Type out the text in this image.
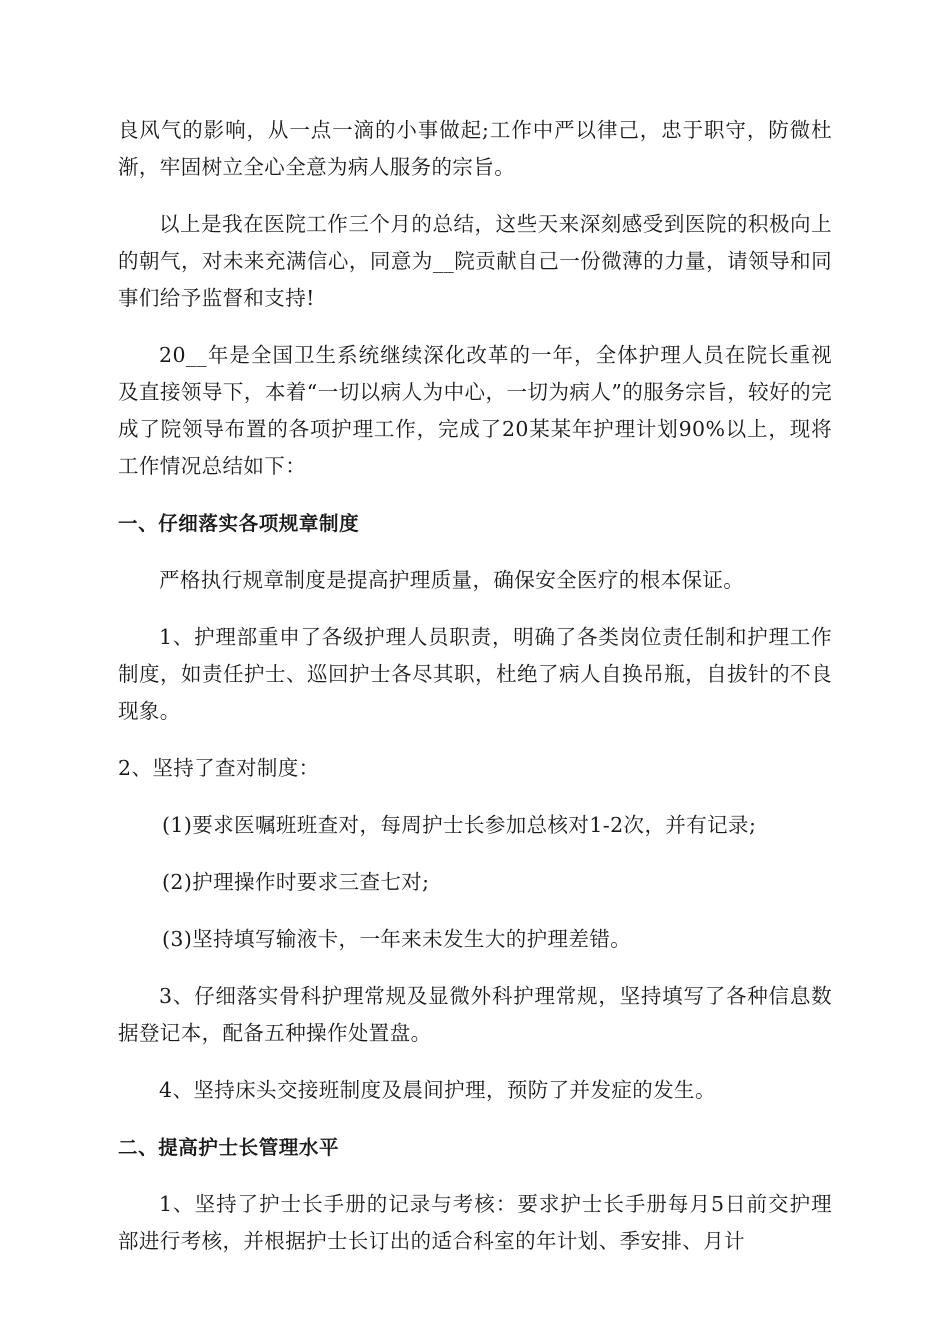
良风气的影响，从一点一滴的小事做起;工作中严以律己，忠于职守，防微杜渐，牢固树立全心全意为病人服务的宗旨。

以上是我在医院工作三个月的总结，这些天来深刻感受到医院的积极向上的朝气，对未来充满信心，同意为__院贡献自己一份微薄的力量，请领导和同事们给予监督和支持!

20__年是全国卫生系统继续深化改革的一年，全体护理人员在院长重视及直接领导下，本着“一切以病人为中心，一切为病人”的服务宗旨，较好的完成了院领导布置的各项护理工作，完成了20某某年护理计划90%以上，现将工作情况总结如下：

一、仔细落实各项规章制度

严格执行规章制度是提高护理质量，确保安全医疗的根本保证。

1、护理部重申了各级护理人员职责，明确了各类岗位责任制和护理工作制度，如责任护士、巡回护士各尽其职，杜绝了病人自换吊瓶，自拔针的不良现象。

2、坚持了查对制度：

(1)要求医嘱班班查对，每周护士长参加总核对1-2次，并有记录;

(2)护理操作时要求三查七对;

(3)坚持填写输液卡，一年来未发生大的护理差错。

3、仔细落实骨科护理常规及显微外科护理常规，坚持填写了各种信息数据登记本，配备五种操作处置盘。

4、坚持床头交接班制度及晨间护理，预防了并发症的发生。

二、提高护士长管理水平

1、坚持了护士长手册的记录与考核：要求护士长手册每月5日前交护理部进行考核，并根据护士长订出的适合科室的年计划、季安排、月计
